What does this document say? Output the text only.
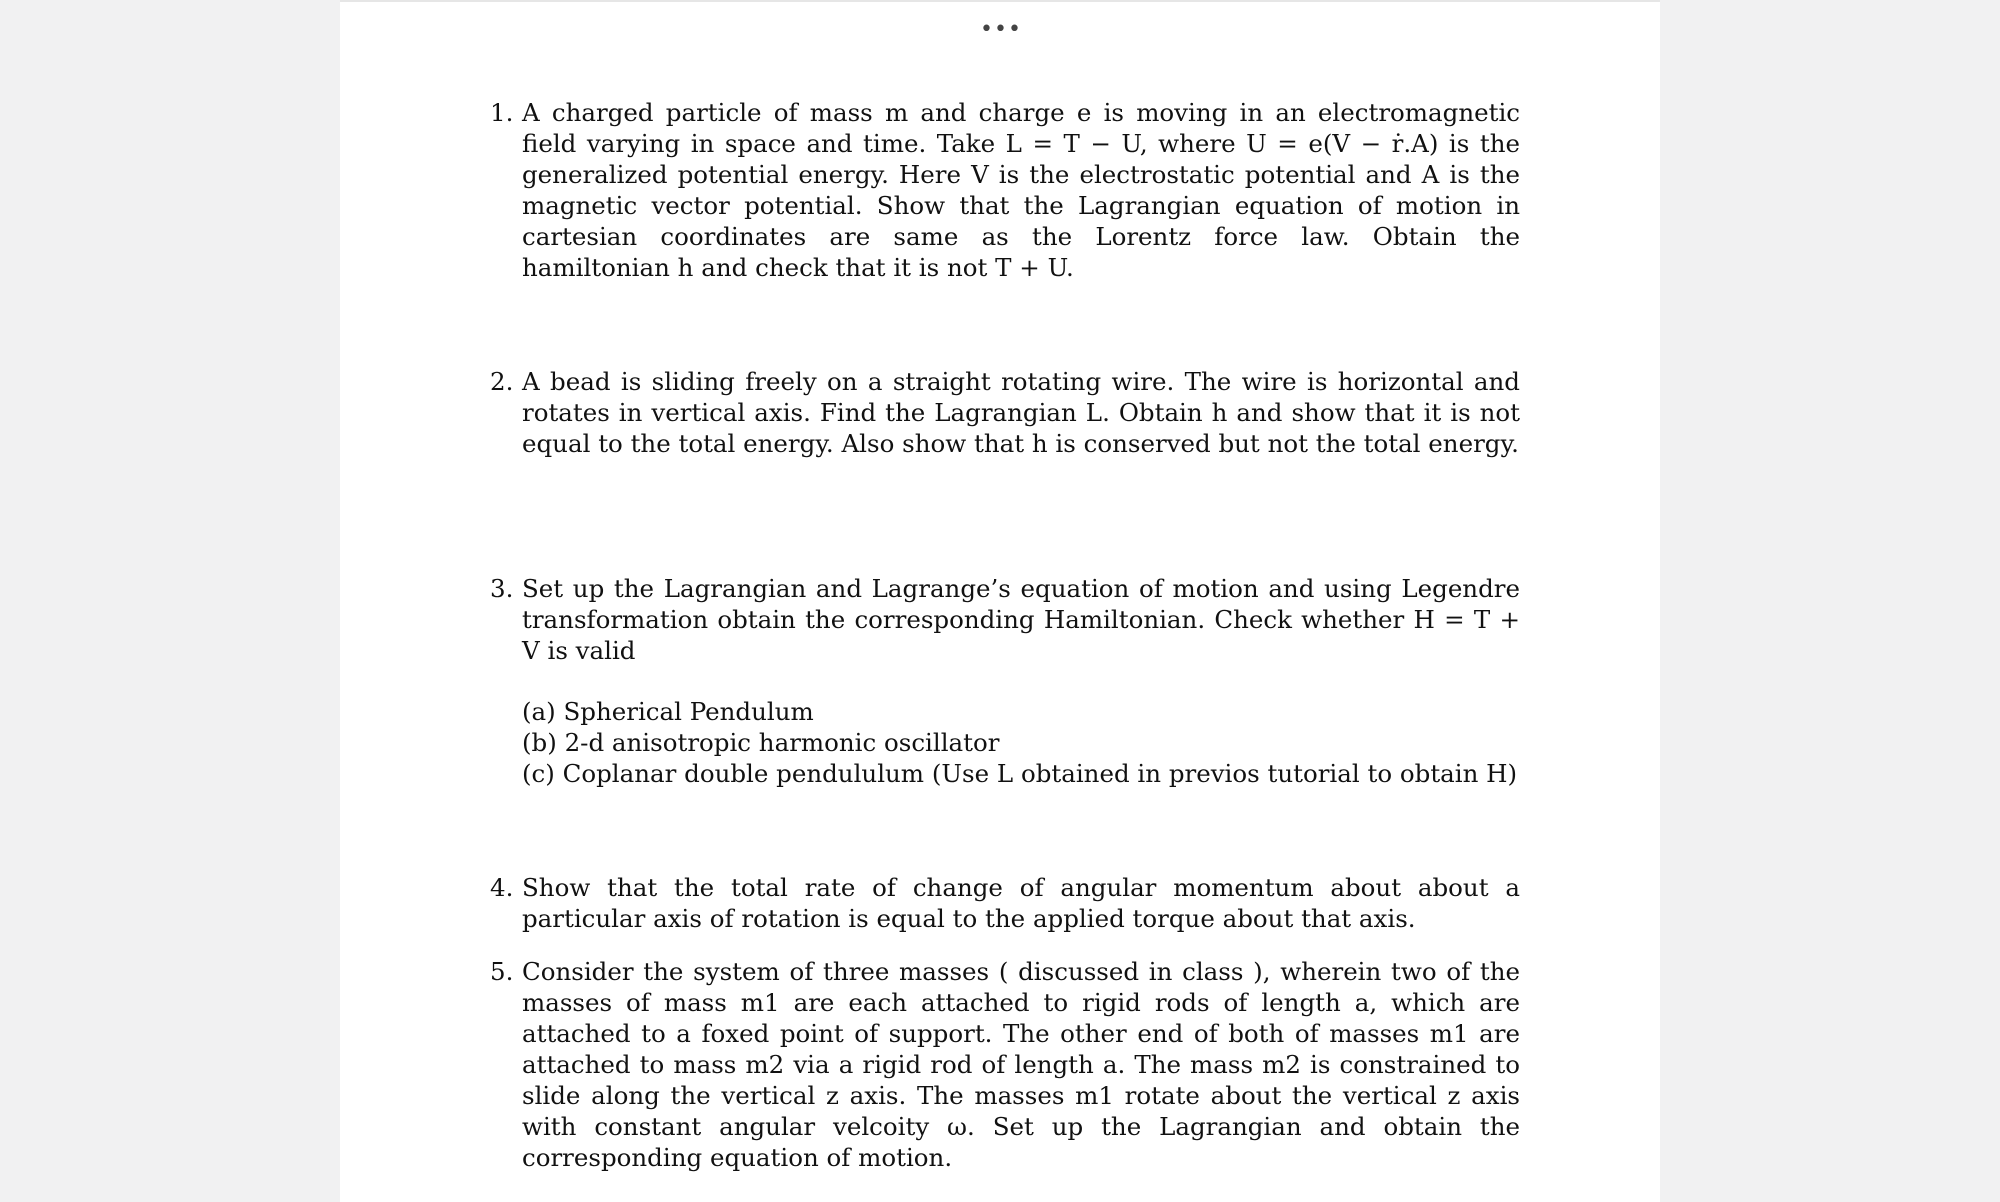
•••
1. A charged particle of mass m and charge e is moving in an electromagnetic field varying in space and time. Take L = T − U, where U = e(V − ṙ.A) is the generalized potential energy. Here V is the electrostatic potential and A is the magnetic vector potential. Show that the Lagrangian equation of motion in cartesian coordinates are same as the Lorentz force law. Obtain the hamiltonian h and check that it is not T + U.
2. A bead is sliding freely on a straight rotating wire. The wire is horizontal and rotates in vertical axis. Find the Lagrangian L. Obtain h and show that it is not equal to the total energy. Also show that h is conserved but not the total energy.
3. Set up the Lagrangian and Lagrange’s equation of motion and using Legendre transformation obtain the corresponding Hamiltonian. Check whether H = T + V is valid
(a) Spherical Pendulum
(b) 2-d anisotropic harmonic oscillator
(c) Coplanar double pendululum (Use L obtained in previos tutorial to obtain H)
4. Show that the total rate of change of angular momentum about about a particular axis of rotation is equal to the applied torque about that axis.
5. Consider the system of three masses ( discussed in class ), wherein two of the masses of mass m1 are each attached to rigid rods of length a, which are attached to a foxed point of support. The other end of both of masses m1 are attached to mass m2 via a rigid rod of length a. The mass m2 is constrained to slide along the vertical z axis. The masses m1 rotate about the vertical z axis with constant angular velcoity ω. Set up the Lagrangian and obtain the corresponding equation of motion.
